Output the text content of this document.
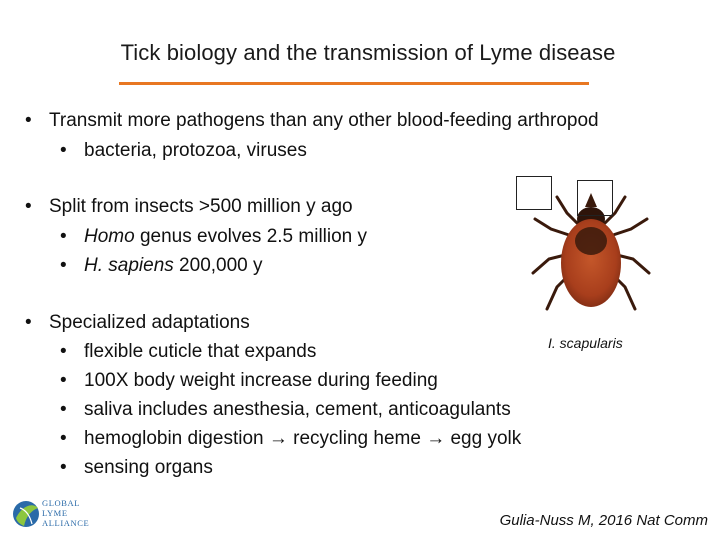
Tick biology and the transmission of Lyme disease
• Transmit more pathogens than any other blood-feeding arthropod
• bacteria, protozoa, viruses
• Split from insects >500 million y ago
• Homo genus evolves 2.5 million y
• H. sapiens 200,000 y
• Specialized adaptations
• flexible cuticle that expands
• 100X body weight increase during feeding
• saliva includes anesthesia, cement, anticoagulants
• hemoglobin digestion → recycling heme → egg yolk
• sensing organs
I. scapularis
GLOBAL
LYME
ALLIANCE	Gulia-Nuss M, 2016 Nat Comm
